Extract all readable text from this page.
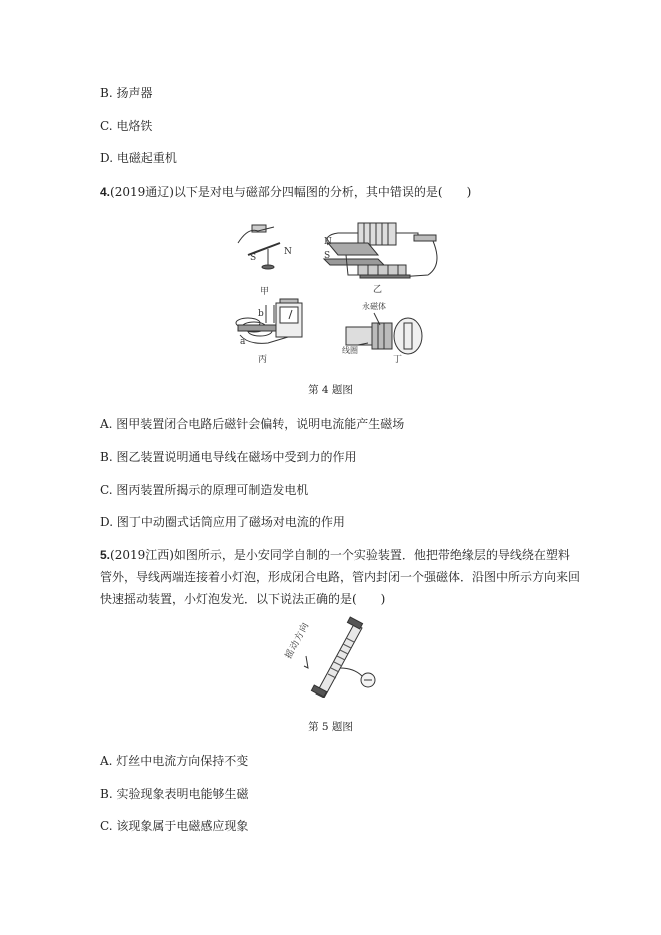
B. 扬声器
C. 电烙铁
D. 电磁起重机
4.(2019通辽)以下是对电与磁部分四幅图的分析，其中错误的是(　　)
S
N
N
S
甲	乙
b
a
丙
永磁体
线圈
丁
第 4 题图
A. 图甲装置闭合电路后磁针会偏转，说明电流能产生磁场
B. 图乙装置说明通电导线在磁场中受到力的作用
C. 图丙装置所揭示的原理可制造发电机
D. 图丁中动圈式话筒应用了磁场对电流的作用
5.(2019江西)如图所示，是小安同学自制的一个实验装置．他把带绝缘层的导线绕在塑料
管外，导线两端连接着小灯泡，形成闭合电路，管内封闭一个强磁体．沿图中所示方向来回
快速摇动装置，小灯泡发光．以下说法正确的是(　　)
摇动方向
第 5 题图
A. 灯丝中电流方向保持不变
B. 实验现象表明电能够生磁
C. 该现象属于电磁感应现象
